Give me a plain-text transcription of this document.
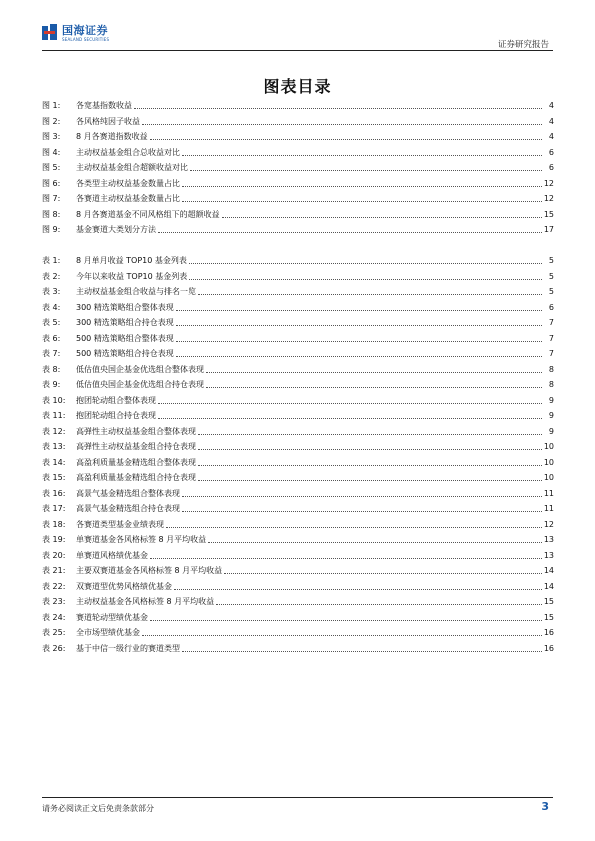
国海证券
SEALAND SECURITIES
证券研究报告
图表目录
图 1:	各宽基指数收益	4
图 2:	各风格纯因子收益	4
图 3:	8 月各赛道指数收益	4
图 4:	主动权益基金组合总收益对比	6
图 5:	主动权益基金组合超额收益对比	6
图 6:	各类型主动权益基金数量占比	12
图 7:	各赛道主动权益基金数量占比	12
图 8:	8 月各赛道基金不同风格组下的超额收益	15
图 9:	基金赛道大类划分方法	17
表 1:	8 月单月收益 TOP10 基金列表	5
表 2:	今年以来收益 TOP10 基金列表	5
表 3:	主动权益基金组合收益与排名一览	5
表 4:	300 精选策略组合整体表现	6
表 5:	300 精选策略组合持仓表现	7
表 6:	500 精选策略组合整体表现	7
表 7:	500 精选策略组合持仓表现	7
表 8:	低估值央国企基金优选组合整体表现	8
表 9:	低估值央国企基金优选组合持仓表现	8
表 10:	抱团轮动组合整体表现	9
表 11:	抱团轮动组合持仓表现	9
表 12:	高弹性主动权益基金组合整体表现	9
表 13:	高弹性主动权益基金组合持仓表现	10
表 14:	高盈利质量基金精选组合整体表现	10
表 15:	高盈利质量基金精选组合持仓表现	10
表 16:	高景气基金精选组合整体表现	11
表 17:	高景气基金精选组合持仓表现	11
表 18:	各赛道类型基金业绩表现	12
表 19:	单赛道基金各风格标签 8 月平均收益	13
表 20:	单赛道风格绩优基金	13
表 21:	主要双赛道基金各风格标签 8 月平均收益	14
表 22:	双赛道型优势风格绩优基金	14
表 23:	主动权益基金各风格标签 8 月平均收益	15
表 24:	赛道轮动型绩优基金	15
表 25:	全市场型绩优基金	16
表 26:	基于中信一级行业的赛道类型	16
请务必阅读正文后免责条款部分	3
